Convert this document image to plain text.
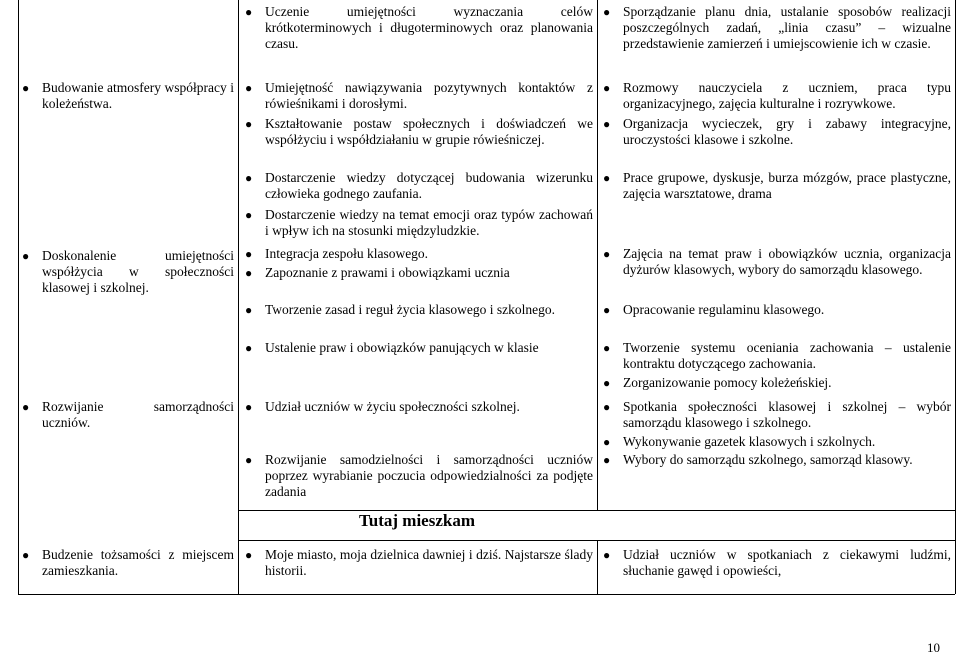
● Budowanie atmosfery współpracy i koleżeństwa.
● Doskonalenie umiejętności współżycia w społeczności klasowej i szkolnej.
● Rozwijanie samorządności uczniów.
● Budzenie tożsamości z miejscem zamieszkania.
● Uczenie umiejętności wyznaczania celów krótkoterminowych i długoterminowych oraz planowania czasu.
● Umiejętność nawiązywania pozytywnych kontaktów z rówieśnikami i dorosłymi.
● Kształtowanie postaw społecznych i doświadczeń we współżyciu i współdziałaniu w grupie rówieśniczej.
● Dostarczenie wiedzy dotyczącej budowania wizerunku człowieka godnego zaufania.
● Dostarczenie wiedzy na temat emocji oraz typów zachowań i wpływ ich na stosunki międzyludzkie.
● Integracja zespołu klasowego.
● Zapoznanie z prawami i obowiązkami ucznia
● Tworzenie zasad i reguł życia klasowego i szkolnego.
● Ustalenie praw i obowiązków panujących w klasie
● Udział uczniów w życiu społeczności szkolnej.
● Rozwijanie samodzielności i samorządności uczniów poprzez wyrabianie poczucia odpowiedzialności za podjęte zadania
● Moje miasto, moja dzielnica dawniej i dziś. Najstarsze ślady historii.
Tutaj mieszkam
● Sporządzanie planu dnia, ustalanie sposobów realizacji poszczególnych zadań, „linia czasu” – wizualne przedstawienie zamierzeń i umiejscowienie ich w czasie.
● Rozmowy nauczyciela z uczniem, praca typu organizacyjnego, zajęcia kulturalne i rozrywkowe.
● Organizacja wycieczek, gry i zabawy integracyjne, uroczystości klasowe i szkolne.
● Prace grupowe, dyskusje, burza mózgów, prace plastyczne, zajęcia warsztatowe, drama
● Zajęcia na temat praw i obowiązków ucznia, organizacja dyżurów klasowych, wybory do samorządu klasowego.
● Opracowanie regulaminu klasowego.
● Tworzenie systemu oceniania zachowania – ustalenie kontraktu dotyczącego zachowania.
● Zorganizowanie pomocy koleżeńskiej.
● Spotkania społeczności klasowej i szkolnej – wybór samorządu klasowego i szkolnego.
● Wykonywanie gazetek klasowych i szkolnych.
● Wybory do samorządu szkolnego, samorząd klasowy.
● Udział uczniów w spotkaniach z ciekawymi ludźmi, słuchanie gawęd i opowieści,
10
